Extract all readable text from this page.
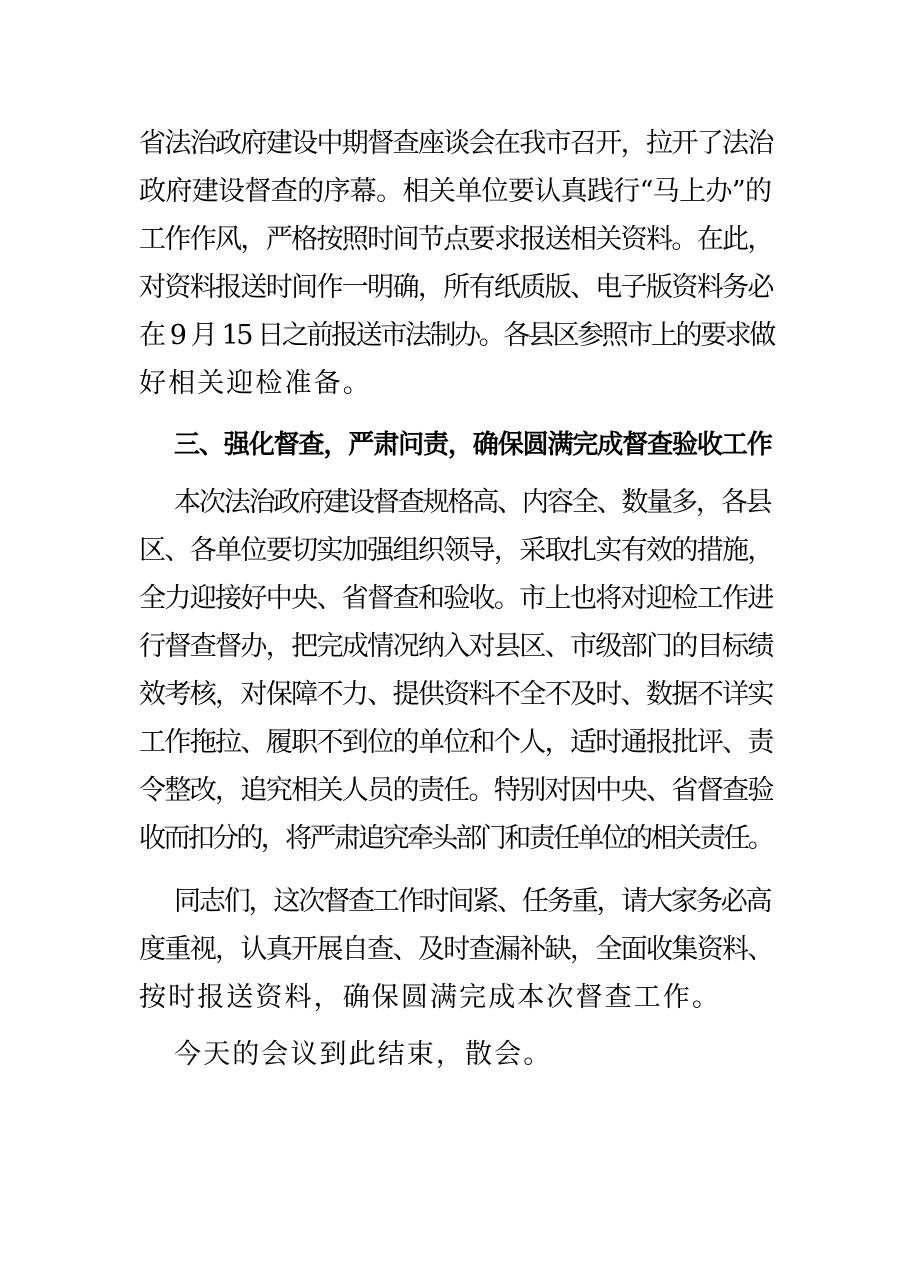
省法治政府建设中期督查座谈会在我市召开，拉开了法治
政府建设督查的序幕。相关单位要认真践行“马上办”的
工作作风，严格按照时间节点要求报送相关资料。在此，
对资料报送时间作一明确，所有纸质版、电子版资料务必
在 9 月 15 日之前报送市法制办。各县区参照市上的要求做
好相关迎检准备。
三、强化督查，严肃问责，确保圆满完成督查验收工作
本次法治政府建设督查规格高、内容全、数量多，各县
区、各单位要切实加强组织领导，采取扎实有效的措施，
全力迎接好中央、省督查和验收。市上也将对迎检工作进
行督查督办，把完成情况纳入对县区、市级部门的目标绩
效考核，对保障不力、提供资料不全不及时、数据不详实
工作拖拉、履职不到位的单位和个人，适时通报批评、责
令整改，追究相关人员的责任。特别对因中央、省督查验
收而扣分的，将严肃追究牵头部门和责任单位的相关责任。
同志们，这次督查工作时间紧、任务重，请大家务必高
度重视，认真开展自查、及时查漏补缺，全面收集资料、
按时报送资料，确保圆满完成本次督查工作。
今天的会议到此结束，散会。
